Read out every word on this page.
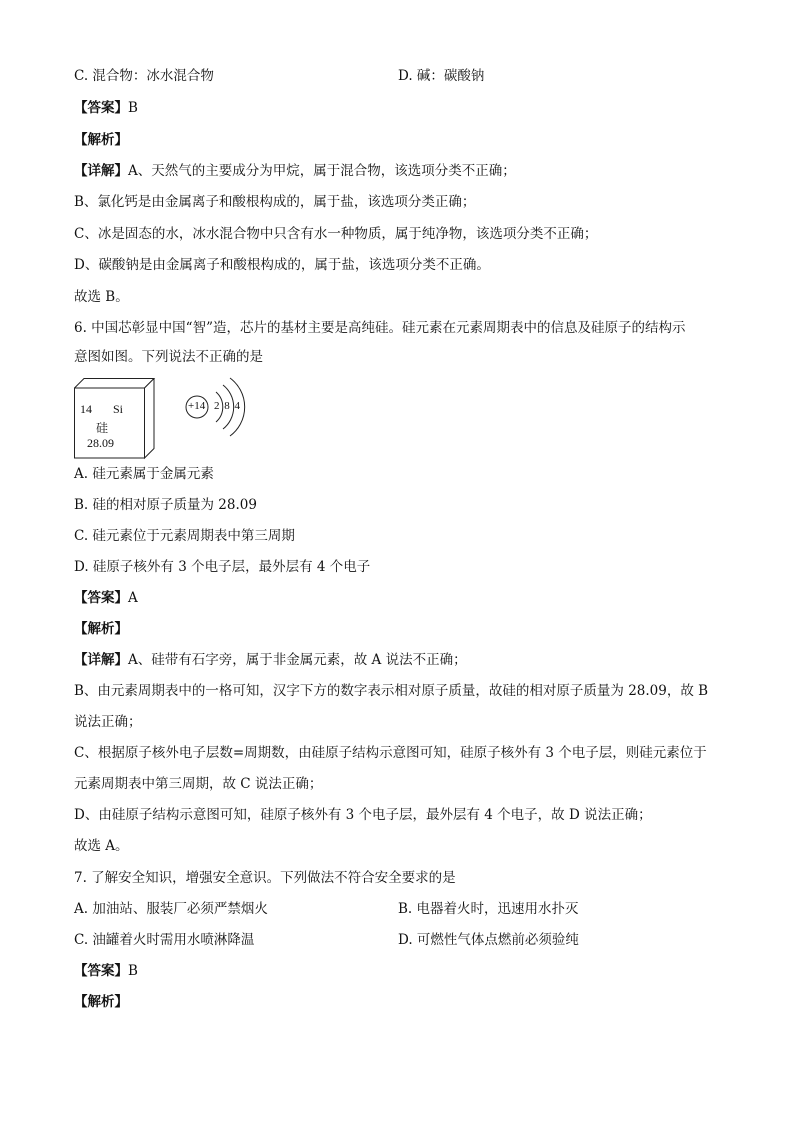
C. 混合物：冰水混合物	D. 碱：碳酸钠
【答案】B
【解析】
【详解】A、天然气的主要成分为甲烷，属于混合物，该选项分类不正确；
B、氯化钙是由金属离子和酸根构成的，属于盐，该选项分类正确；
C、冰是固态的水，冰水混合物中只含有水一种物质，属于纯净物，该选项分类不正确；
D、碳酸钠是由金属离子和酸根构成的，属于盐，该选项分类不正确。
故选 B。
6. 中国芯彰显中国“智”造，芯片的基材主要是高纯硅。硅元素在元素周期表中的信息及硅原子的结构示
意图如图。下列说法不正确的是
14 Si
硅
28.09
+14 2 8 4
A. 硅元素属于金属元素
B. 硅的相对原子质量为 28.09
C. 硅元素位于元素周期表中第三周期
D. 硅原子核外有 3 个电子层，最外层有 4 个电子
【答案】A
【解析】
【详解】A、硅带有石字旁，属于非金属元素，故 A 说法不正确；
B、由元素周期表中的一格可知，汉字下方的数字表示相对原子质量，故硅的相对原子质量为 28.09，故 B
说法正确；
C、根据原子核外电子层数=周期数，由硅原子结构示意图可知，硅原子核外有 3 个电子层，则硅元素位于
元素周期表中第三周期，故 C 说法正确；
D、由硅原子结构示意图可知，硅原子核外有 3 个电子层，最外层有 4 个电子，故 D 说法正确；
故选 A。
7. 了解安全知识，增强安全意识。下列做法不符合安全要求的是
A. 加油站、服装厂必须严禁烟火	B. 电器着火时，迅速用水扑灭
C. 油罐着火时需用水喷淋降温	D. 可燃性气体点燃前必须验纯
【答案】B
【解析】
